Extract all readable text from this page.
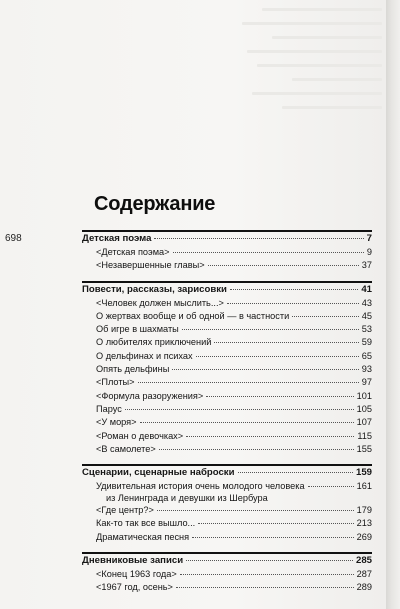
Содержание
698	Детская поэма	7
<Детская поэма>	9
<Незавершенные главы>	37
Повести, рассказы, зарисовки	41
<Человек должен мыслить...>	43
О жертвах вообще и об одной — в частности	45
Об игре в шахматы	53
О любителях приключений	59
О дельфинах и психах	65
Опять дельфины	93
<Плоты>	97
<Формула разоружения>	101
Парус	105
<У моря>	107
<Роман о девочках>	115
<В самолете>	155
Сценарии, сценарные наброски	159
Удивительная история очень молодого человека
из Ленинграда и девушки из Шербура
161
<Где центр?>	179
Как-то так все вышло...	213
Драматическая песня	269
Дневниковые записи	285
<Конец 1963 года>	287
<1967 год, осень>	289
